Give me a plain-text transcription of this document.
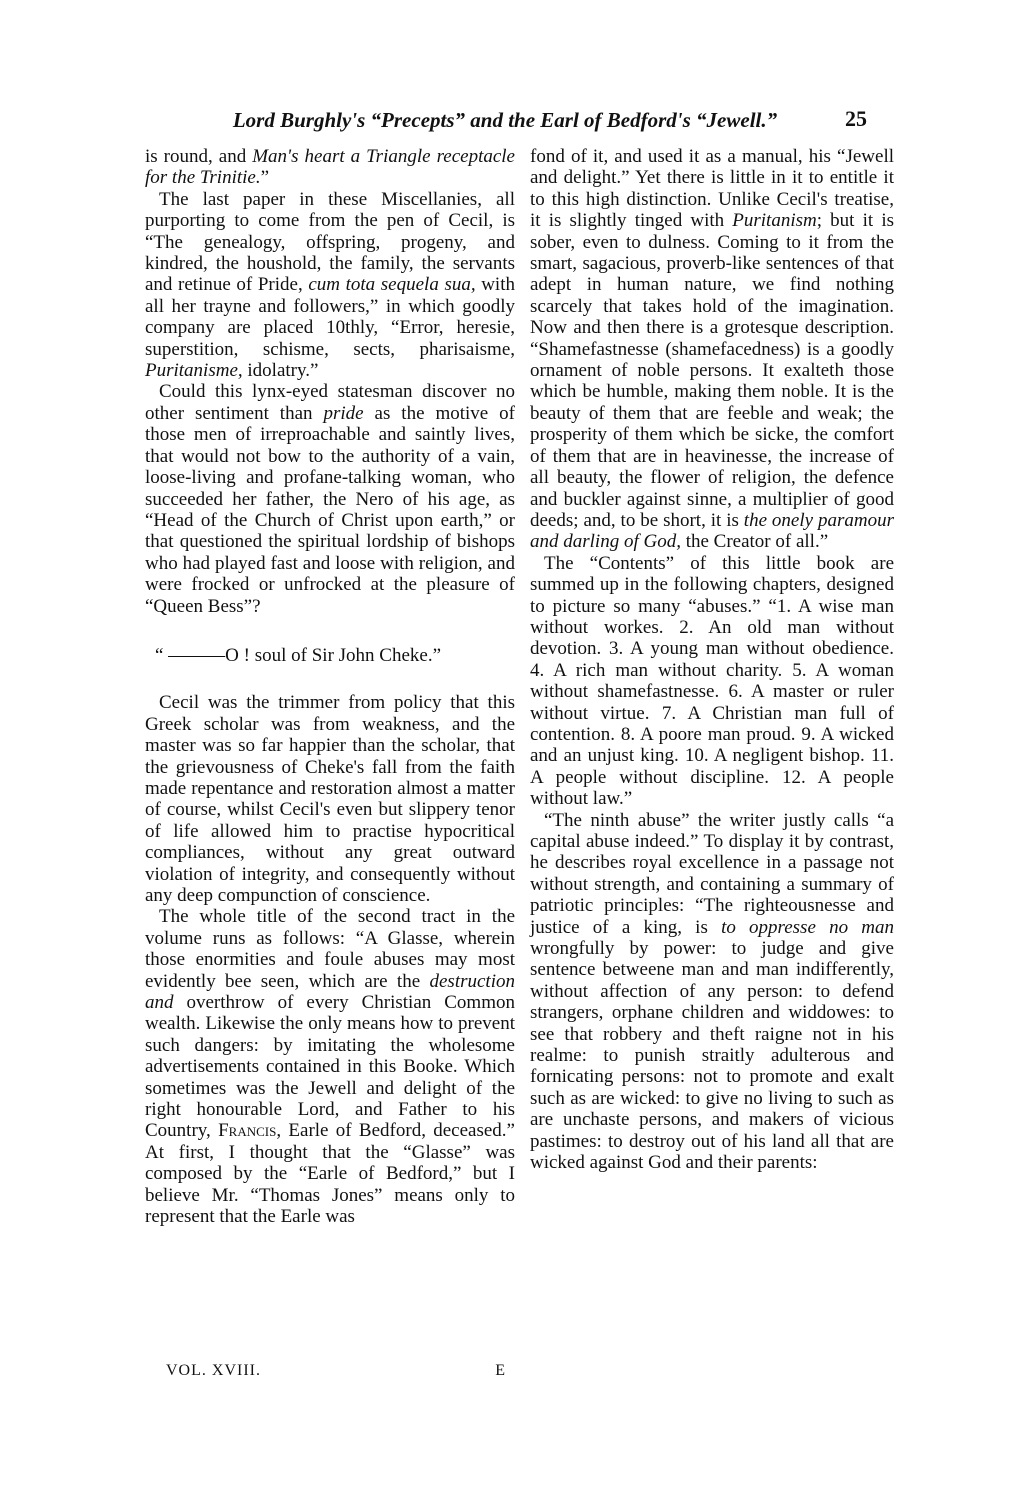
Lord Burghly's “Precepts” and the Earl of Bedford's “Jewell.”	25

is round, and Man's heart a Triangle receptacle for the Trinitie.”

The last paper in these Miscellanies, all purporting to come from the pen of Cecil, is “The genealogy, offspring, progeny, and kindred, the houshold, the family, the servants and retinue of Pride, cum tota sequela sua, with all her trayne and followers,” in which goodly company are placed 10thly, “Error, heresie, superstition, schisme, sects, pharisaisme, Puritanisme, idolatry.”

Could this lynx-eyed statesman discover no other sentiment than pride as the motive of those men of irreproachable and saintly lives, that would not bow to the authority of a vain, loose-living and profane-talking woman, who succeeded her father, the Nero of his age, as “Head of the Church of Christ upon earth,” or that questioned the spiritual lordship of bishops who had played fast and loose with religion, and were frocked or unfrocked at the pleasure of “Queen Bess”?

“ ———O ! soul of Sir John Cheke.”

Cecil was the trimmer from policy that this Greek scholar was from weakness, and the master was so far happier than the scholar, that the grievousness of Cheke's fall from the faith made repentance and restoration almost a matter of course, whilst Cecil's even but slippery tenor of life allowed him to practise hypocritical compliances, without any great outward violation of integrity, and consequently without any deep compunction of conscience.

The whole title of the second tract in the volume runs as follows: “A Glasse, wherein those enormities and foule abuses may most evidently bee seen, which are the destruction and overthrow of every Christian Common wealth. Likewise the only means how to prevent such dangers: by imitating the wholesome advertisements contained in this Booke. Which sometimes was the Jewell and delight of the right honourable Lord, and Father to his Country, Francis, Earle of Bedford, deceased.” At first, I thought that the “Glasse” was composed by the “Earle of Bedford,” but I believe Mr. “Thomas Jones” means only to represent that the Earle was

fond of it, and used it as a manual, his “Jewell and delight.” Yet there is little in it to entitle it to this high distinction. Unlike Cecil's treatise, it is slightly tinged with Puritanism; but it is sober, even to dulness. Coming to it from the smart, sagacious, proverb-like sentences of that adept in human nature, we find nothing scarcely that takes hold of the imagination. Now and then there is a grotesque description. “Shamefastnesse (shamefacedness) is a goodly ornament of noble persons. It exalteth those which be humble, making them noble. It is the beauty of them that are feeble and weak; the prosperity of them which be sicke, the comfort of them that are in heavinesse, the increase of all beauty, the flower of religion, the defence and buckler against sinne, a multiplier of good deeds; and, to be short, it is the onely paramour and darling of God, the Creator of all.”

The “Contents” of this little book are summed up in the following chapters, designed to picture so many “abuses.” “1. A wise man without workes. 2. An old man without devotion. 3. A young man without obedience. 4. A rich man without charity. 5. A woman without shamefastnesse. 6. A master or ruler without virtue. 7. A Christian man full of contention. 8. A poore man proud. 9. A wicked and an unjust king. 10. A negligent bishop. 11. A people without discipline. 12. A people without law.”

“The ninth abuse” the writer justly calls “a capital abuse indeed.” To display it by contrast, he describes royal excellence in a passage not without strength, and containing a summary of patriotic principles: “The righteousnesse and justice of a king, is to oppresse no man wrongfully by power: to judge and give sentence betweene man and man indifferently, without affection of any person: to defend strangers, orphane children and widdowes: to see that robbery and theft raigne not in his realme: to punish straitly adulterous and fornicating persons: not to promote and exalt such as are wicked: to give no living to such as are unchaste persons, and makers of vicious pastimes: to destroy out of his land all that are wicked against God and their parents:

VOL. XVIII.	E
